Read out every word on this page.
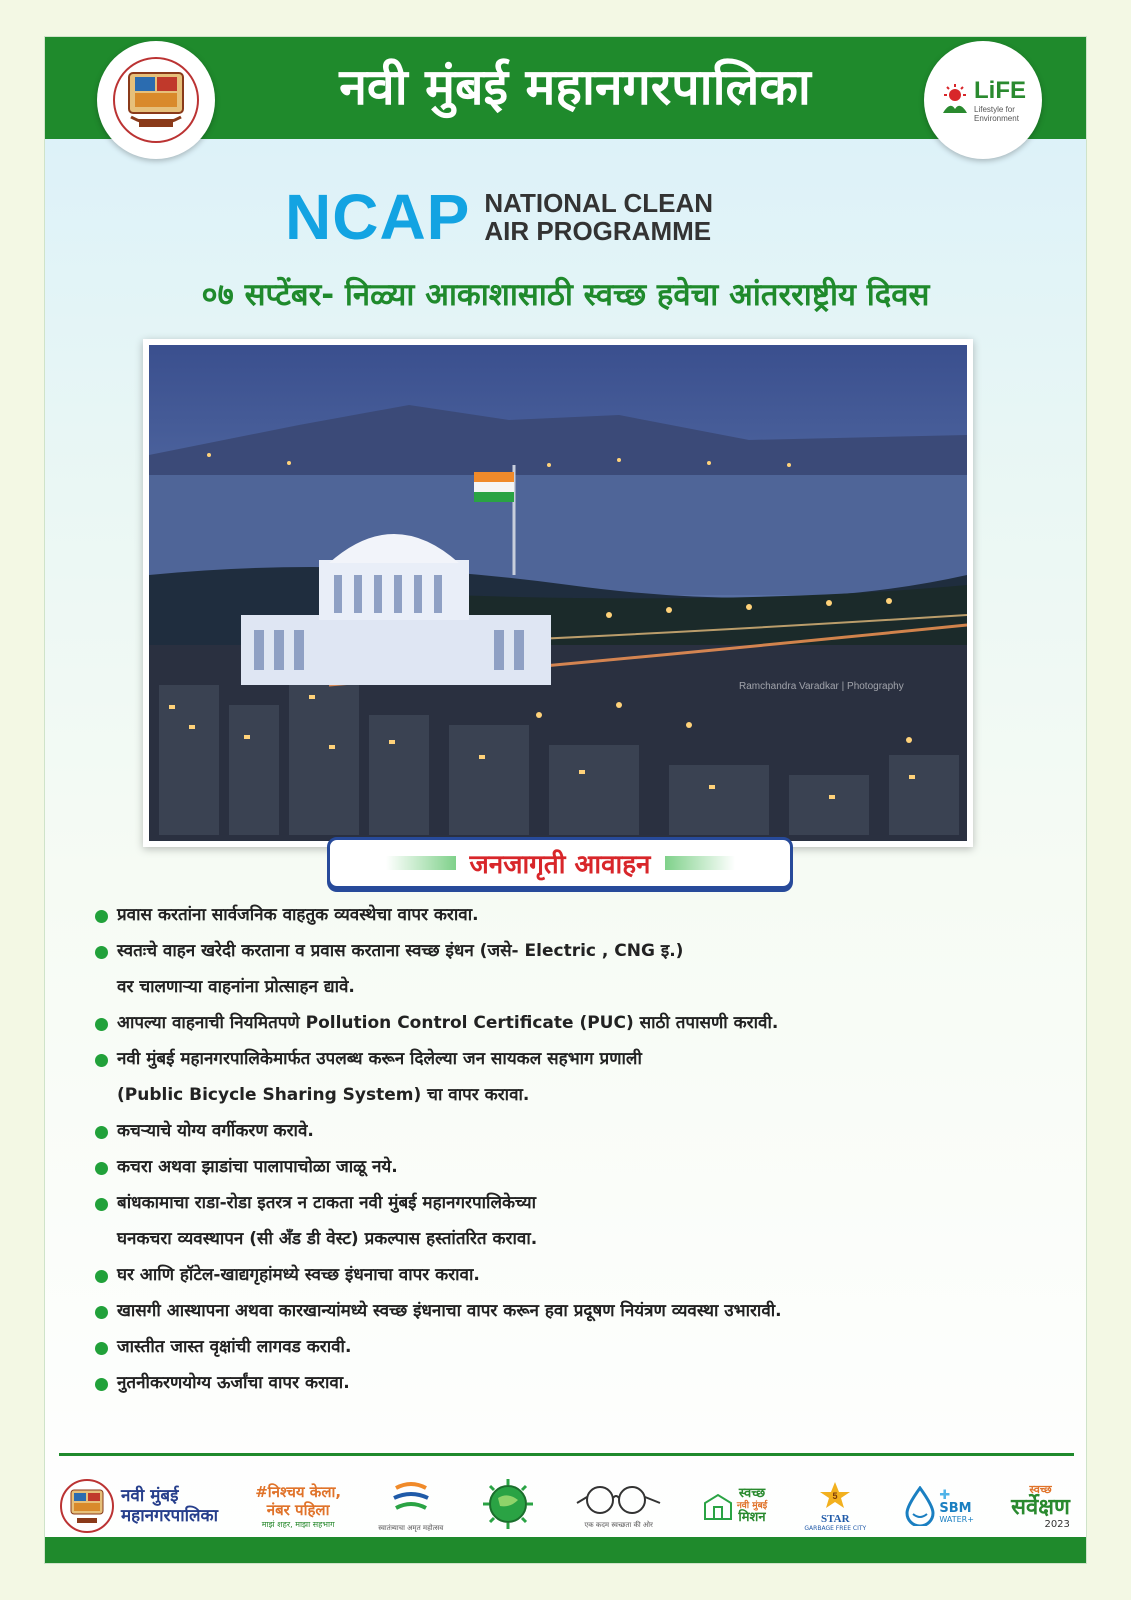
नवी मुंबई महानगरपालिका	LiFE
Lifestyle for
Environment
NCAP NATIONAL CLEAN
AIR PROGRAMME
०७ सप्टेंबर- निळ्या आकाशासाठी स्वच्छ हवेचा आंतरराष्ट्रीय दिवस
Ramchandra Varadkar | Photography
जनजागृती आवाहन
प्रवास करतांना सार्वजनिक वाहतुक व्यवस्थेचा वापर करावा.
स्वतःचे वाहन खरेदी करताना व प्रवास करताना स्वच्छ इंधन (जसे- Electric , CNG इ.)
वर चालणाऱ्या वाहनांना प्रोत्साहन द्यावे.
आपल्या वाहनाची नियमितपणे Pollution Control Certificate (PUC) साठी तपासणी करावी.
नवी मुंबई महानगरपालिकेमार्फत उपलब्ध करून दिलेल्या जन सायकल सहभाग प्रणाली
(Public Bicycle Sharing System) चा वापर करावा.
कचऱ्याचे योग्य वर्गीकरण करावे.
कचरा अथवा झाडांचा पालापाचोळा जाळू नये.
बांधकामाचा राडा-रोडा इतरत्र न टाकता नवी मुंबई महानगरपालिकेच्या
घनकचरा व्यवस्थापन (सी अँड डी वेस्ट) प्रकल्पास हस्तांतरित करावा.
घर आणि हॉटेल-खाद्यगृहांमध्ये स्वच्छ इंधनाचा वापर करावा.
खासगी आस्थापना अथवा कारखान्यांमध्ये स्वच्छ इंधनाचा वापर करून हवा प्रदूषण नियंत्रण व्यवस्था उभारावी.
जास्तीत जास्त वृक्षांची लागवड करावी.
नुतनीकरणयोग्य ऊर्जांचा वापर करावा.
नवी मुंबई
महानगरपालिका
#निश्चय केला,
नंबर पहिला
माझं शहर, माझा सहभाग	स्वातंत्र्याचा अमृत महोत्सव	एक कदम स्वच्छता की ओर
स्वच्छ
नवी मुंबई
मिशन
5
STAR
GARBAGE FREE CITY
✚
SBM
WATER+
स्वच्छ
सर्वेक्षण
2023
